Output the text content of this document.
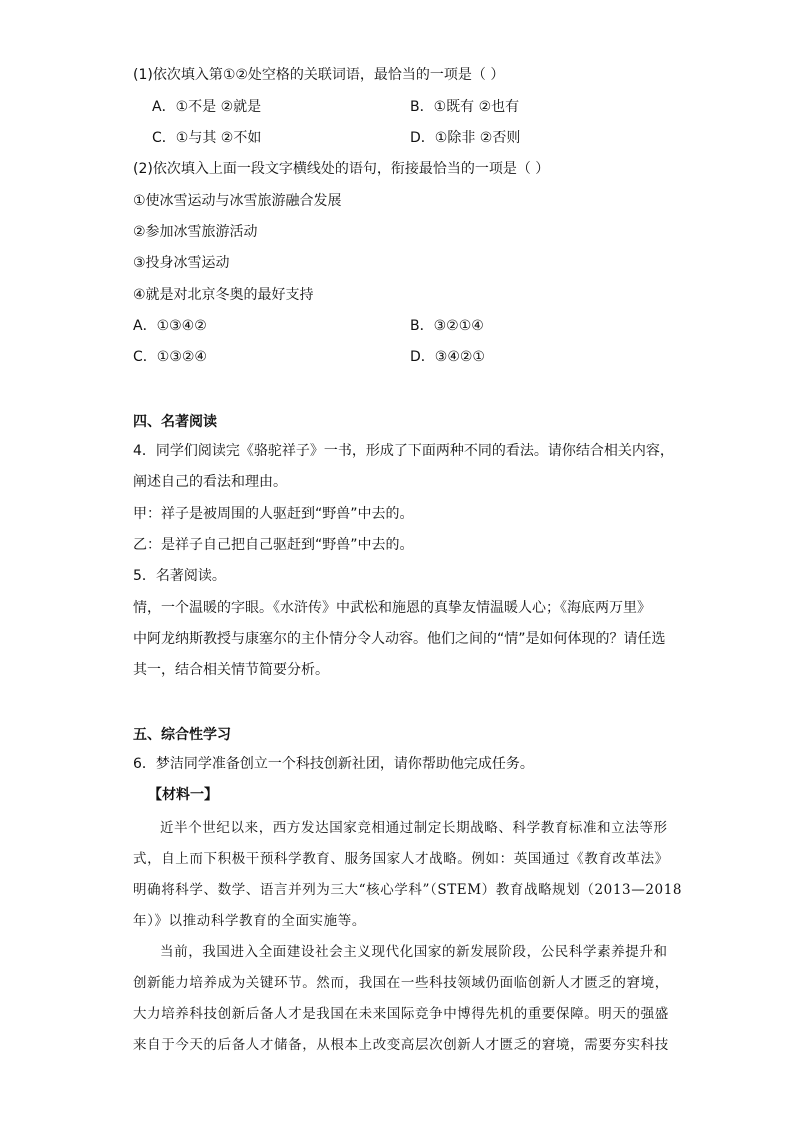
(1)依次填入第①②处空格的关联词语，最恰当的一项是（ ）
A．①不是 ②就是	B．①既有 ②也有
C．①与其 ②不如	D．①除非 ②否则
(2)依次填入上面一段文字横线处的语句，衔接最恰当的一项是（ ）
①使冰雪运动与冰雪旅游融合发展
②参加冰雪旅游活动
③投身冰雪运动
④就是对北京冬奥的最好支持
A．①③④②	B．③②①④
C．①③②④	D．③④②①
四、名著阅读
4．同学们阅读完《骆驼祥子》一书，形成了下面两种不同的看法。请你结合相关内容，
阐述自己的看法和理由。
甲：祥子是被周围的人驱赶到“野兽”中去的。
乙：是祥子自己把自己驱赶到“野兽”中去的。
5．名著阅读。
情，一个温暖的字眼。《水浒传》中武松和施恩的真挚友情温暖人心；《海底两万里》
中阿龙纳斯教授与康塞尔的主仆情分令人动容。他们之间的“情”是如何体现的？请任选
其一，结合相关情节简要分析。
五、综合性学习
6．梦洁同学准备创立一个科技创新社团，请你帮助他完成任务。
【材料一】
近半个世纪以来，西方发达国家竞相通过制定长期战略、科学教育标准和立法等形
式，自上而下积极干预科学教育、服务国家人才战略。例如：英国通过《教育改革法》
明确将科学、数学、语言并列为三大“核心学科”（STEM）教育战略规划（2013—2018
年）》以推动科学教育的全面实施等。
当前，我国进入全面建设社会主义现代化国家的新发展阶段，公民科学素养提升和
创新能力培养成为关键环节。然而，我国在一些科技领域仍面临创新人才匮乏的窘境，
大力培养科技创新后备人才是我国在未来国际竞争中博得先机的重要保障。明天的强盛
来自于今天的后备人才储备，从根本上改变高层次创新人才匮乏的窘境，需要夯实科技
